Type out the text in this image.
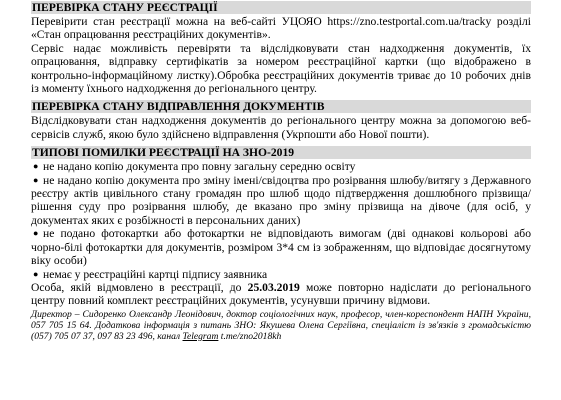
ПЕРЕВІРКА СТАНУ РЕЄСТРАЦІЇ

Перевірити стан реєстрації можна на веб-сайті УЦОЯО https://zno.testportal.com.ua/tracky розділі «Стан опрацювання реєстраційних документів».

Сервіс надає можливість перевіряти та відслідковувати стан надходження документів, їх опрацювання, відправку сертифікатів за номером реєстраційної картки (що відображено в контрольно-інформаційному листку).Обробка реєстраційних документів триває до 10 робочих днів із моменту їхнього надходження до регіонального центру.

ПЕРЕВІРКА СТАНУ ВІДПРАВЛЕННЯ ДОКУМЕНТІВ

Відслідковувати стан надходження документів до регіонального центру можна за допомогою веб-сервісів служб, якою було здійснено відправлення (Укрпошти або Нової пошти).

ТИПОВІ ПОМИЛКИ РЕЄСТРАЦІЇ НА ЗНО-2019
● не надано копію документа про повну загальну середню освіту
● не надано копію документа про зміну імені/свідоцтва про розірвання шлюбу/витягу з Державного реєстру актів цивільного стану громадян про шлюб щодо підтвердження дошлюбного прізвища/рішення суду про розірвання шлюбу, де вказано про зміну прізвища на дівоче (для осіб, у документах яких є розбіжності в персональних даних)
● не подано фотокартки або фотокартки не відповідають вимогам (дві однакові кольорові або чорно-білі фотокартки для документів, розміром 3*4 см із зображенням, що відповідає досягнутому віку особи)
● немає у реєстраційні картці підпису заявника

Особа, якій відмовлено в реєстрації, до 25.03.2019 може повторно надіслати до регіонального центру повний комплект реєстраційних документів, усунувши причину відмови.

Директор – Сидоренко Олександр Леонідович, доктор соціологічних наук, професор, член-кореспондент НАПН України, 057 705 15 64. Додаткова інформація з питань ЗНО: Якушева Олена Сергіївна, спеціаліст із зв'язків з громадськістю (057) 705 07 37, 097 83 23 496, канал Telegram t.me/zno2018kh
